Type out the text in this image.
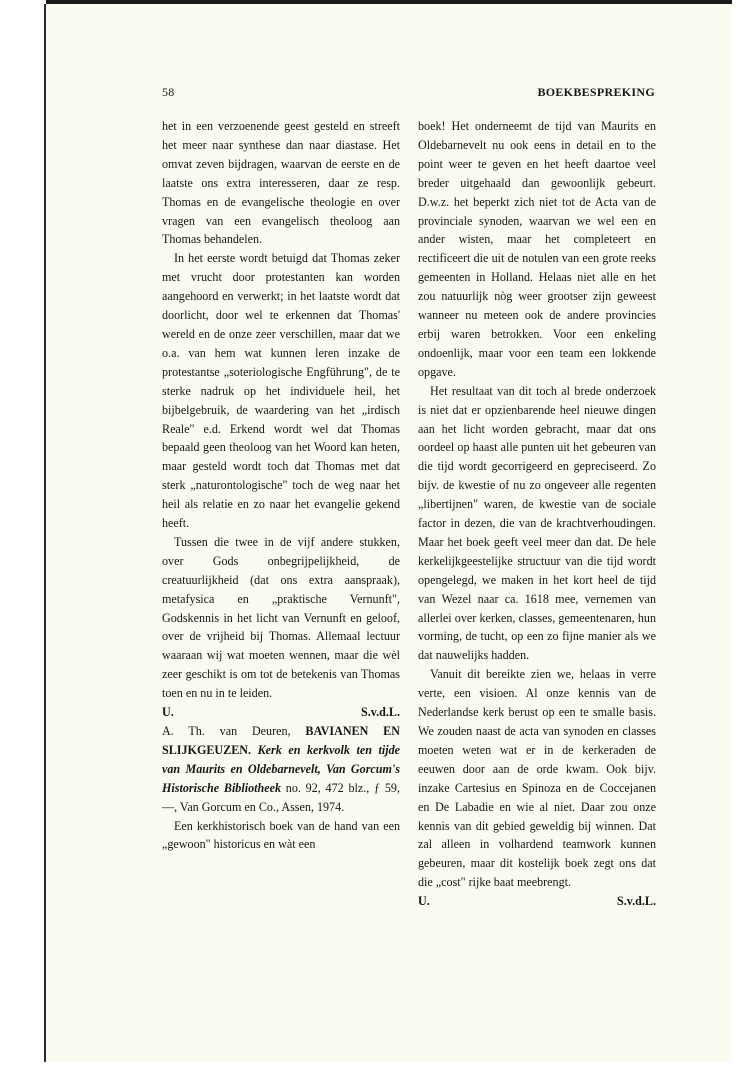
58	BOEKBESPREKING

het in een verzoenende geest gesteld en streeft het meer naar synthese dan naar diastase. Het omvat zeven bijdragen, waarvan de eerste en de laatste ons extra interesseren, daar ze resp. Thomas en de evangelische theologie en over vragen van een evangelisch theoloog aan Thomas behandelen.

In het eerste wordt betuigd dat Thomas zeker met vrucht door protestanten kan worden aangehoord en verwerkt; in het laatste wordt dat doorlicht, door wel te erkennen dat Thomas' wereld en de onze zeer verschillen, maar dat we o.a. van hem wat kunnen leren inzake de protestantse „soteriologische Engführung", de te sterke nadruk op het individuele heil, het bijbelgebruik, de waardering van het „irdisch Reale" e.d. Erkend wordt wel dat Thomas bepaald geen theoloog van het Woord kan heten, maar gesteld wordt toch dat Thomas met dat sterk „naturontologische" toch de weg naar het heil als relatie en zo naar het evangelie gekend heeft.

Tussen die twee in de vijf andere stukken, over Gods onbegrijpelijkheid, de creatuurlijkheid (dat ons extra aanspraak), metafysica en „praktische Vernunft", Godskennis in het licht van Vernunft en geloof, over de vrijheid bij Thomas. Allemaal lectuur waaraan wij wat moeten wennen, maar die wèl zeer geschikt is om tot de betekenis van Thomas toen en nu in te leiden.

U.	S.v.d.L.

A. Th. van Deuren, BAVIANEN EN SLIJKGEUZEN. Kerk en kerkvolk ten tijde van Maurits en Oldebarnevelt, Van Gorcum's Historische Bibliotheek no. 92, 472 blz., ƒ 59,—, Van Gorcum en Co., Assen, 1974.

Een kerkhistorisch boek van de hand van een „gewoon" historicus en wàt een

boek! Het onderneemt de tijd van Maurits en Oldebarnevelt nu ook eens in detail en to the point weer te geven en het heeft daartoe veel breder uitgehaald dan gewoonlijk gebeurt. D.w.z. het beperkt zich niet tot de Acta van de provinciale synoden, waarvan we wel een en ander wisten, maar het completeert en rectificeert die uit de notulen van een grote reeks gemeenten in Holland. Helaas niet alle en het zou natuurlijk nòg weer grootser zijn geweest wanneer nu meteen ook de andere provincies erbij waren betrokken. Voor een enkeling ondoenlijk, maar voor een team een lokkende opgave.

Het resultaat van dit toch al brede onderzoek is niet dat er opzienbarende heel nieuwe dingen aan het licht worden gebracht, maar dat ons oordeel op haast alle punten uit het gebeuren van die tijd wordt gecorrigeerd en gepreciseerd. Zo bijv. de kwestie of nu zo ongeveer alle regenten „libertijnen" waren, de kwestie van de sociale factor in dezen, die van de krachtverhoudingen. Maar het boek geeft veel meer dan dat. De hele kerkelijkgeestelijke structuur van die tijd wordt opengelegd, we maken in het kort heel de tijd van Wezel naar ca. 1618 mee, vernemen van allerlei over kerken, classes, gemeentenaren, hun vorming, de tucht, op een zo fijne manier als we dat nauwelijks hadden.

Vanuit dit bereikte zien we, helaas in verre verte, een visioen. Al onze kennis van de Nederlandse kerk berust op een te smalle basis. We zouden naast de acta van synoden en classes moeten weten wat er in de kerkeraden de eeuwen door aan de orde kwam. Ook bijv. inzake Cartesius en Spinoza en de Coccejanen en De Labadie en wie al niet. Daar zou onze kennis van dit gebied geweldig bij winnen. Dat zal alleen in volhardend teamwork kunnen gebeuren, maar dit kostelijk boek zegt ons dat die „cost" rijke baat meebrengt.

U.	S.v.d.L.
